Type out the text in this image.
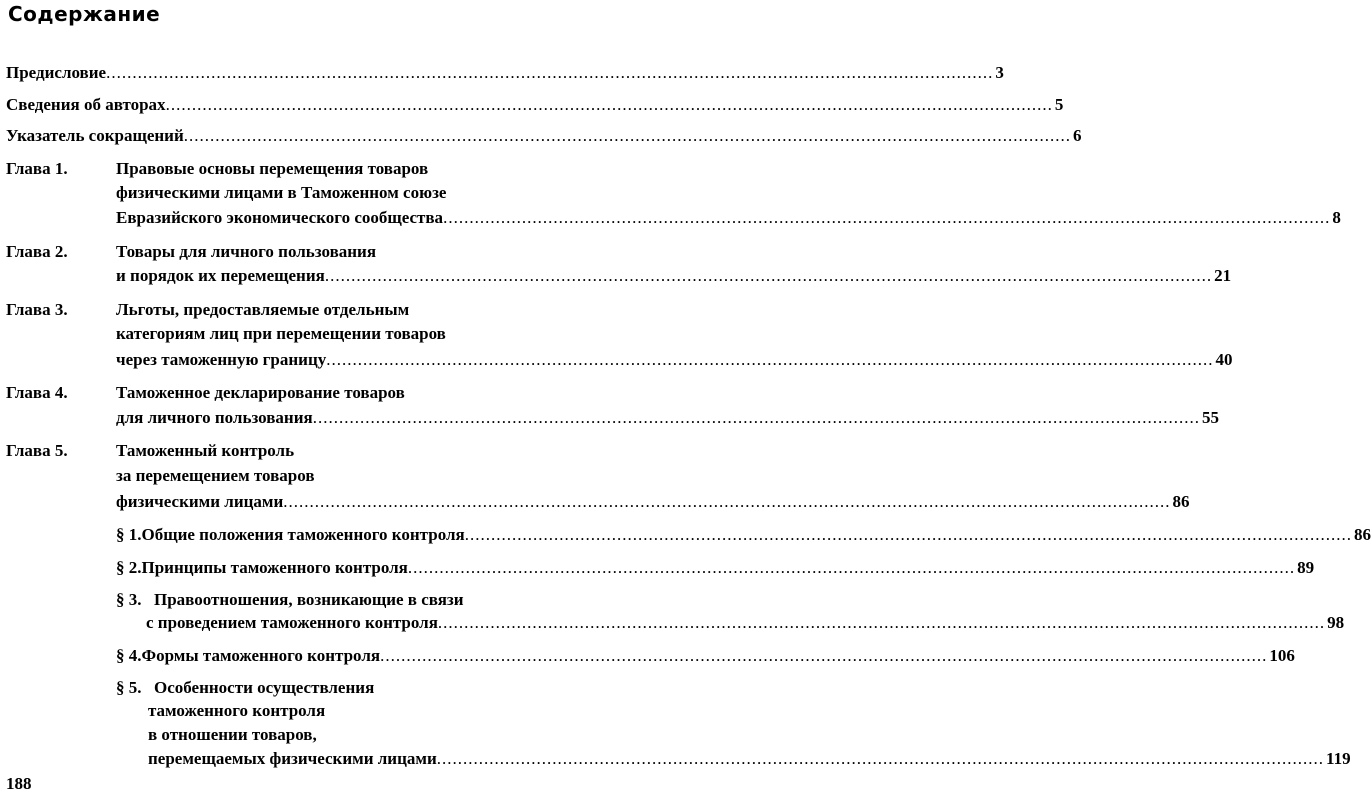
Содержание
Предисловие .....	3
Сведения об авторах .....	5
Указатель сокращений .....	6
Глава 1.	Правовые основы перемещения товаров
физическими лицами в Таможенном союзе
Евразийского экономического сообщества .....	8
Глава 2.	Товары для личного пользования
и порядок их перемещения .....	21
Глава 3.	Льготы, предоставляемые отдельным
категориям лиц при перемещении товаров
через таможенную границу .....	40
Глава 4.	Таможенное декларирование товаров
для личного пользования .....	55
Глава 5.	Таможенный контроль
за перемещением товаров
физическими лицами .....	86
§ 1. Общие положения таможенного контроля .....	86
§ 2. Принципы таможенного контроля .....	89
§ 3. Правоотношения, возникающие в связи
с проведением таможенного контроля .....	98
§ 4. Формы таможенного контроля .....	106
§ 5. Особенности осуществления
таможенного контроля
в отношении товаров,
перемещаемых физическими лицами .....	119
188
